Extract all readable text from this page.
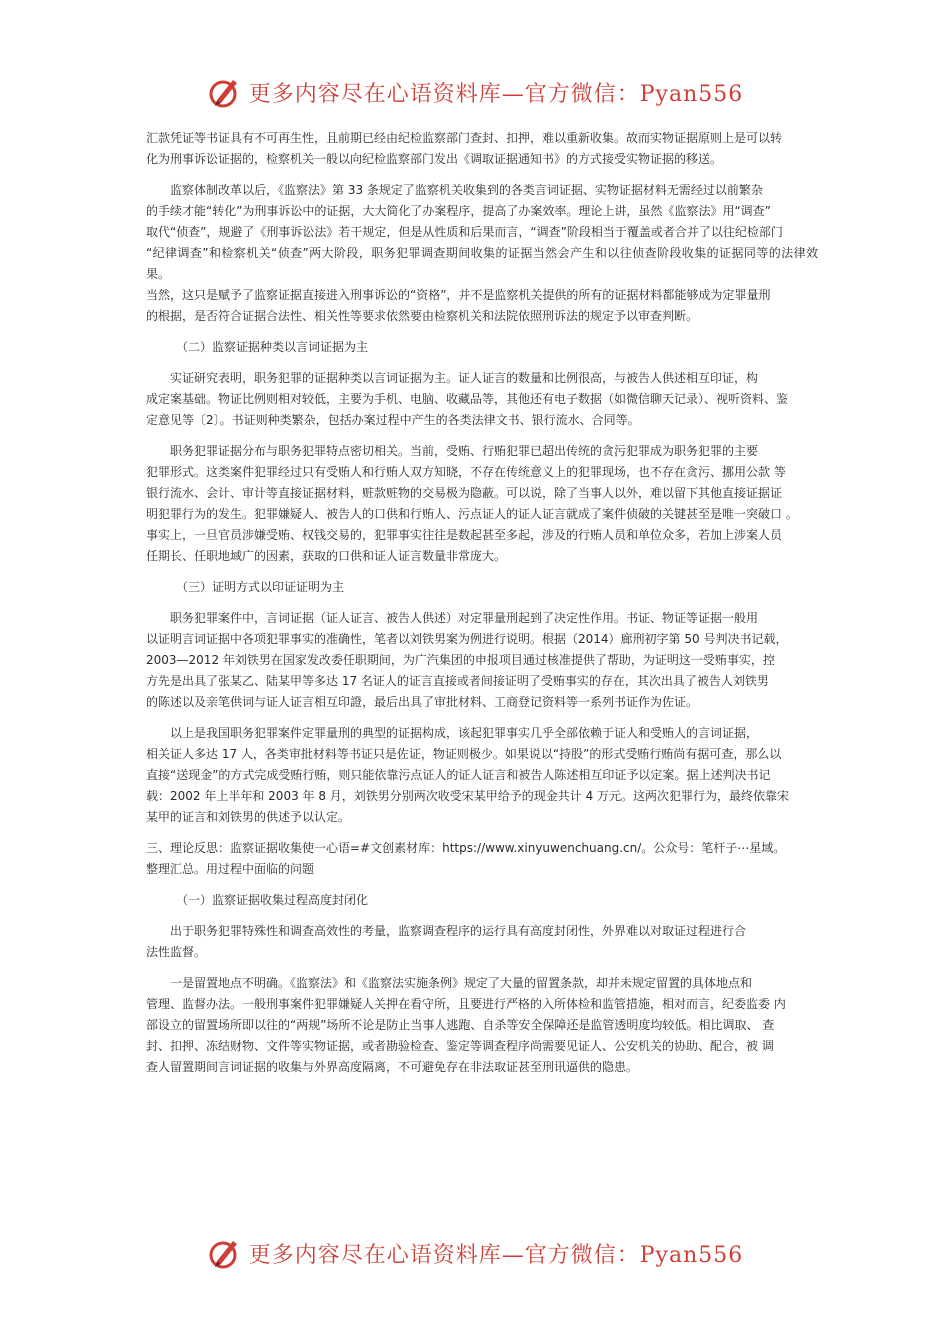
更多内容尽在心语资料库—官方微信：Pyan556

汇款凭证等书证具有不可再生性，且前期已经由纪检监察部门查封、扣押，难以重新收集。故而实物证据原则上是可以转
化为刑事诉讼证据的，检察机关一般以向纪检监察部门发出《调取证据通知书》的方式接受实物证据的移送。

监察体制改革以后，《监察法》第 33 条规定了监察机关收集到的各类言词证据、实物证据材料无需经过以前繁杂
的手续才能“转化”为刑事诉讼中的证据，大大简化了办案程序，提高了办案效率。理论上讲，虽然《监察法》用“调查”
取代“侦查”，规避了《刑事诉讼法》若干规定，但是从性质和后果而言，“调查”阶段相当于覆盖或者合并了以往纪检部门
“纪律调查”和检察机关“侦查”两大阶段，职务犯罪调查期间收集的证据当然会产生和以往侦查阶段收集的证据同等的法律效果。
当然，这只是赋予了监察证据直接进入刑事诉讼的“资格”，并不是监察机关提供的所有的证据材料都能够成为定罪量刑
的根据，是否符合证据合法性、相关性等要求依然要由检察机关和法院依照刑诉法的规定予以审查判断。

（二）监察证据种类以言词证据为主

实证研究表明，职务犯罪的证据种类以言词证据为主。证人证言的数量和比例很高，与被告人供述相互印证，构
成定案基础。物证比例则相对较低，主要为手机、电脑、收藏品等，其他还有电子数据（如微信聊天记录）、视听资料、鉴
定意见等〔2〕。书证则种类繁杂，包括办案过程中产生的各类法律文书、银行流水、合同等。

职务犯罪证据分布与职务犯罪特点密切相关。当前，受贿、行贿犯罪已超出传统的贪污犯罪成为职务犯罪的主要
犯罪形式。这类案件犯罪经过只有受贿人和行贿人双方知晓，不存在传统意义上的犯罪现场，也不存在贪污、挪用公款 等
银行流水、会计、审计等直接证据材料，赃款赃物的交易极为隐蔽。可以说，除了当事人以外，难以留下其他直接证据证
明犯罪行为的发生。犯罪嫌疑人、被告人的口供和行贿人、污点证人的证人证言就成了案件侦破的关键甚至是唯一突破口 。
事实上，一旦官员涉嫌受贿、权钱交易的，犯罪事实往往是数起甚至多起，涉及的行贿人员和单位众多，若加上涉案人员
任期长、任职地域广的因素，获取的口供和证人证言数量非常庞大。

（三）证明方式以印证证明为主

职务犯罪案件中，言词证据（证人证言、被告人供述）对定罪量刑起到了决定性作用。书证、物证等证据一般用
以证明言词证据中各项犯罪事实的准确性，笔者以刘铁男案为例进行说明。根据（2014）廊刑初字第 50 号判决书记载，
2003—2012 年刘铁男在国家发改委任职期间，为广汽集团的申报项目通过核准提供了帮助，为证明这一受贿事实，控
方先是出具了张某乙、陆某甲等多达 17 名证人的证言直接或者间接证明了受贿事实的存在，其次出具了被告人刘铁男
的陈述以及亲笔供词与证人证言相互印證，最后出具了审批材料、工商登记资料等一系列书证作为佐证。

以上是我国职务犯罪案件定罪量刑的典型的证据构成，该起犯罪事实几乎全部依赖于证人和受贿人的言词证据，
相关证人多达 17 人，各类审批材料等书证只是佐证，物证则极少。如果说以“持股”的形式受贿行贿尚有据可查，那么以
直接“送现金”的方式完成受贿行贿，则只能依靠污点证人的证人证言和被告人陈述相互印证予以定案。据上述判决书记
载：2002 年上半年和 2003 年 8 月，刘铁男分别两次收受宋某甲给予的现金共计 4 万元。这两次犯罪行为，最终依靠宋
某甲的证言和刘铁男的供述予以认定。

三、理论反思：监察证据收集使一心语=#文创素材库：https://www.xinyuwenchuang.cn/。公众号：笔杆子⋯星域。
整理汇总。用过程中面临的问题

（一）监察证据收集过程高度封闭化

出于职务犯罪特殊性和调查高效性的考量，监察调查程序的运行具有高度封闭性，外界难以对取证过程进行合
法性监督。

一是留置地点不明确。《监察法》和《监察法实施条例》规定了大量的留置条款，却并未规定留置的具体地点和
管理、监督办法。一般刑事案件犯罪嫌疑人关押在看守所，且要进行严格的入所体检和监管措施，相对而言，纪委监委 内
部设立的留置场所即以往的“两规”场所不论是防止当事人逃跑、自杀等安全保障还是监管透明度均较低。相比调取、 查
封、扣押、冻结财物、文件等实物证据，或者勘验检查、鉴定等调查程序尚需要见证人、公安机关的协助、配合，被 调
查人留置期间言词证据的收集与外界高度隔离，不可避免存在非法取证甚至刑讯逼供的隐患。

更多内容尽在心语资料库—官方微信：Pyan556
